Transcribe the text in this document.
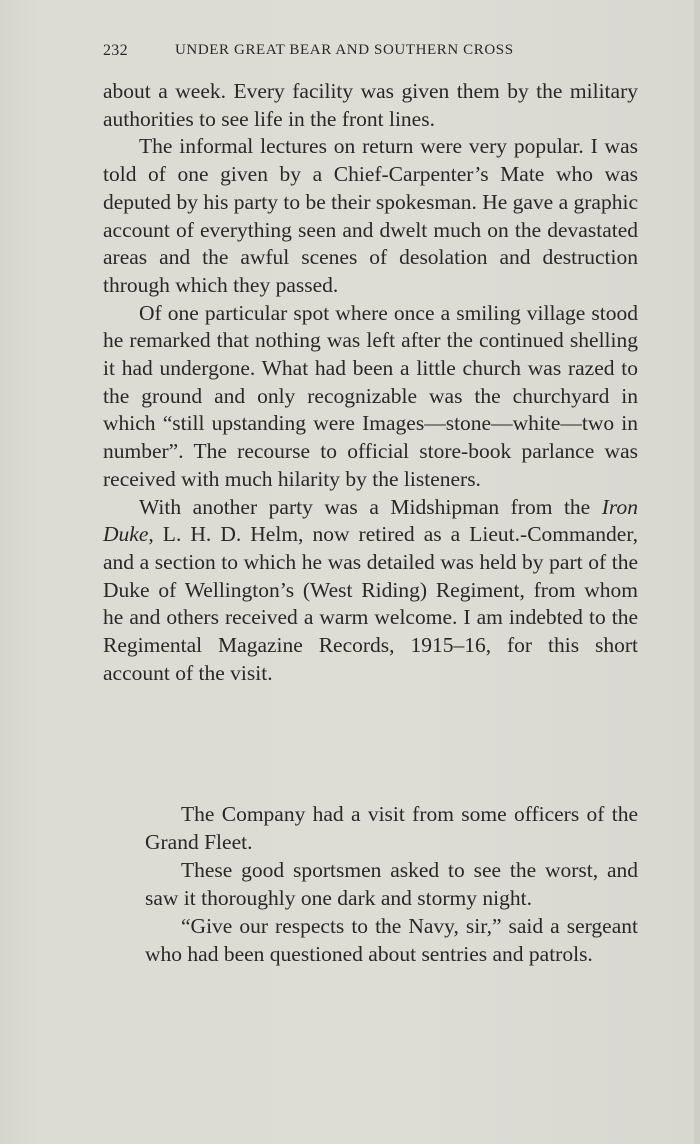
232	UNDER GREAT BEAR AND SOUTHERN CROSS

about a week. Every facility was given them by the military authorities to see life in the front lines.

The informal lectures on return were very popular. I was told of one given by a Chief-Carpenter’s Mate who was deputed by his party to be their spokesman. He gave a graphic account of everything seen and dwelt much on the devastated areas and the awful scenes of desolation and destruction through which they passed.

Of one particular spot where once a smiling village stood he remarked that nothing was left after the continued shelling it had undergone. What had been a little church was razed to the ground and only recognizable was the churchyard in which “still upstanding were Images—stone—white—two in number”. The recourse to official store-book parlance was received with much hilarity by the listeners.

With another party was a Midshipman from the Iron Duke, L. H. D. Helm, now retired as a Lieut.-Commander, and a section to which he was detailed was held by part of the Duke of Wellington’s (West Riding) Regiment, from whom he and others received a warm welcome. I am indebted to the Regimental Magazine Records, 1915–16, for this short account of the visit.

The Company had a visit from some officers of the Grand Fleet.

These good sportsmen asked to see the worst, and saw it thoroughly one dark and stormy night.

“Give our respects to the Navy, sir,” said a sergeant who had been questioned about sentries and patrols.
